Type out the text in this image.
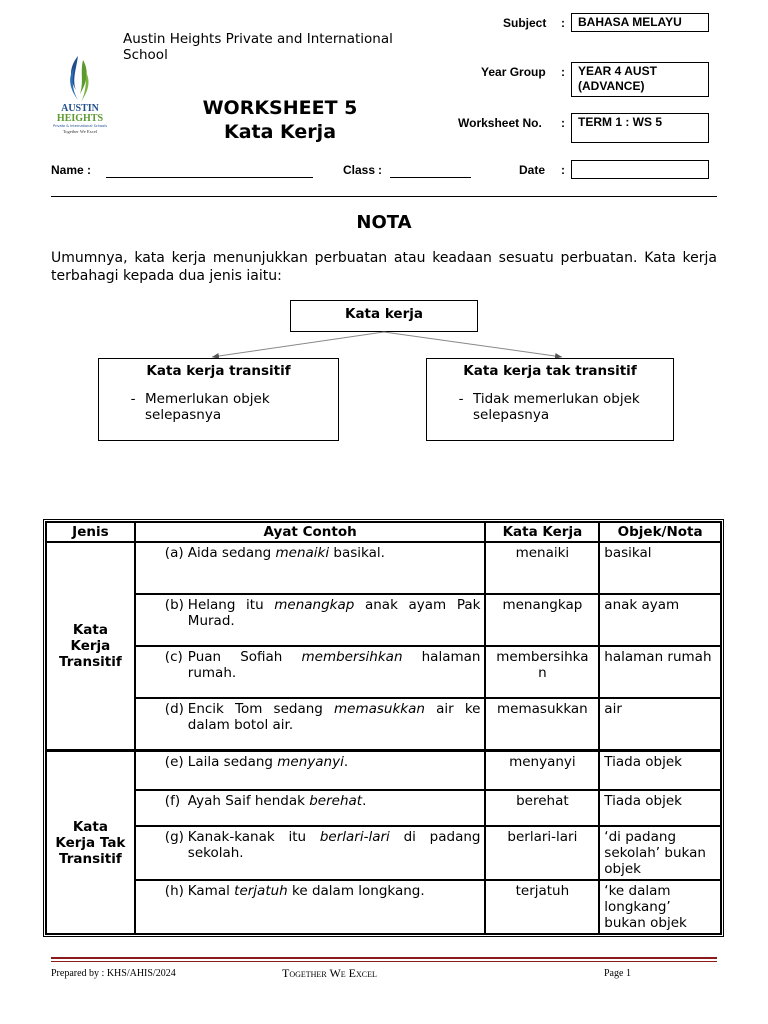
Austin Heights Private and International School
AUSTIN
HEIGHTS
Private & International Schools
Together We Excel
WORKSHEET 5
Kata Kerja
Subject :	BAHASA MELAYU
Year Group : YEAR 4 AUST
(ADVANCE)
Worksheet No. :	TERM 1 : WS 5
Name :	Class :	Date :
NOTA
Umumnya, kata kerja menunjukkan perbuatan atau keadaan sesuatu perbuatan. Kata kerja terbahagi kepada dua jenis iaitu:
Kata kerja
Kata kerja transitif
- Memerlukan objek selepasnya
Kata kerja tak transitif
- Tidak memerlukan objek selepasnya
Jenis	Ayat Contoh	Kata Kerja	Objek/Nota
Kata Kerja Transitif	(a) Aida sedang menaiki basikal.	menaiki	basikal

	(b) Helang itu menangkap anak ayam Pak Murad.	menangkap	anak ayam

	(c) Puan Sofiah membersihkan halaman rumah.	membersihkan	halaman rumah

	(d) Encik Tom sedang memasukkan air ke dalam botol air.	memasukkan	air
Kata Kerja Tak Transitif	(e) Laila sedang menyanyi.	menyanyi	Tiada objek

	(f) Ayah Saif hendak berehat.	berehat	Tiada objek

	(g) Kanak-kanak itu berlari-lari di padang sekolah.	berlari-lari	‘di padang sekolah’ bukan objek

	(h) Kamal terjatuh ke dalam longkang.	terjatuh	‘ke dalam longkang’ bukan objek
Prepared by : KHS/AHIS/2024	Together We Excel	Page 1
